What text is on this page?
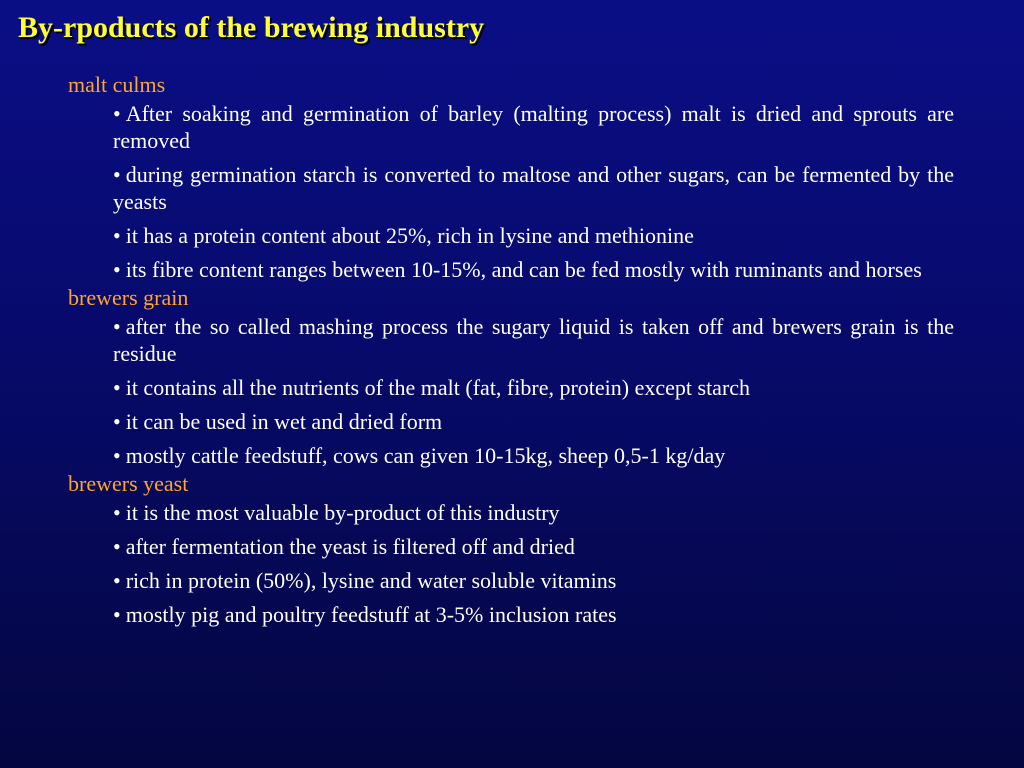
By-rpoducts of the brewing industry

malt culms

• After soaking and germination of barley (malting process) malt is dried and sprouts are removed
• during germination starch is converted to maltose and other sugars, can be fermented by the yeasts
• it has a protein content about 25%, rich in lysine and methionine
• its fibre content ranges between 10-15%, and can be fed mostly with ruminants and horses

brewers grain

• after the so called mashing process the sugary liquid is taken off and brewers grain is the residue
• it contains all the nutrients of the malt (fat, fibre, protein) except starch
• it can be used in wet and dried form
• mostly cattle feedstuff, cows can given 10-15kg, sheep 0,5-1 kg/day

brewers yeast

• it is the most valuable by-product of this industry
• after fermentation the yeast is filtered off and dried
• rich in protein (50%), lysine and water soluble vitamins
• mostly pig and poultry feedstuff at 3-5% inclusion rates
